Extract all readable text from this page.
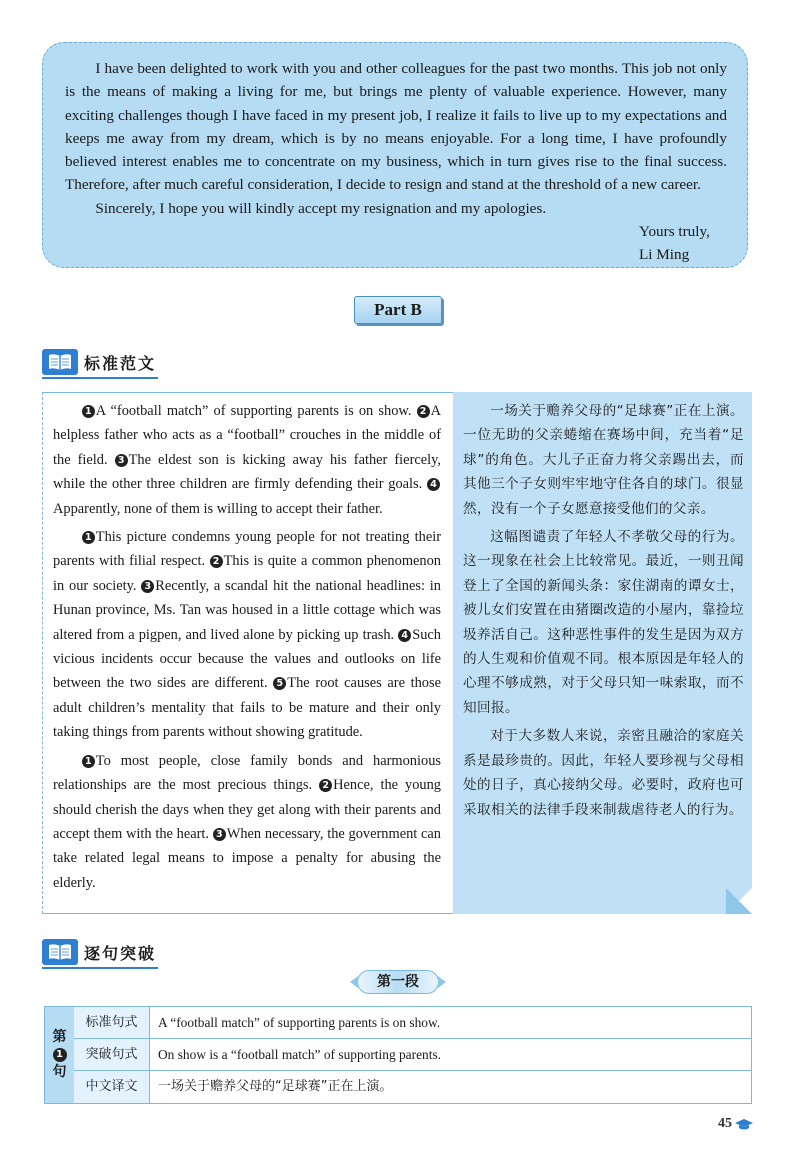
I have been delighted to work with you and other colleagues for the past two months. This job not only is the means of making a living for me, but brings me plenty of valuable experience. However, many exciting challenges though I have faced in my present job, I realize it fails to live up to my expectations and keeps me away from my dream, which is by no means enjoyable. For a long time, I have profoundly believed interest enables me to concentrate on my business, which in turn gives rise to the final success. Therefore, after much careful consideration, I decide to resign and stand at the threshold of a new career.

Sincerely, I hope you will kindly accept my resignation and my apologies.

Yours truly,
Li Ming
Part B
标准范文

1 A “football match” of supporting parents is on show. 2 A helpless father who acts as a “football” crouches in the middle of the field. 3 The eldest son is kicking away his father fiercely, while the other three children are firmly defending their goals. 4Apparently, none of them is willing to accept their father.

1 This picture condemns young people for not treating their parents with filial respect. 2 This is quite a common phenomenon in our society. 3 Recently, a scandal hit the national headlines: in Hunan province, Ms. Tan was housed in a little cottage which was altered from a pigpen, and lived alone by picking up trash. 4 Such vicious incidents occur because the values and outlooks on life between the two sides are different. 5 The root causes are those adult children’s mentality that fails to be mature and their only taking things from parents without showing gratitude.

1 To most people, close family bonds and harmonious relationships are the most precious things. 2 Hence, the young should cherish the days when they get along with their parents and accept them with the heart. 3 When necessary, the government can take related legal means to impose a penalty for abusing the elderly.

一场关于赡养父母的“足球赛”正在上演。一位无助的父亲蜷缩在赛场中间，充当着“足球”的角色。大儿子正奋力将父亲踢出去，而其他三个子女则牢牢地守住各自的球门。很显然，没有一个子女愿意接受他们的父亲。

这幅图谴责了年轻人不孝敬父母的行为。这一现象在社会上比较常见。最近，一则丑闻登上了全国的新闻头条：家住湖南的谭女士，被儿女们安置在由猪圈改造的小屋内，靠捡垃圾养活自己。这种恶性事件的发生是因为双方的人生观和价值观不同。根本原因是年轻人的心理不够成熟，对于父母只知一味索取，而不知回报。

对于大多数人来说，亲密且融洽的家庭关系是最珍贵的。因此，年轻人要珍视与父母相处的日子，真心接纳父母。必要时，政府也可采取相关的法律手段来制裁虐待老人的行为。

逐句突破
第一段
第
1
句
标准句式	A “football match” of supporting parents is on show.
突破句式	On show is a “football match” of supporting parents.
中文译文	一场关于赡养父母的“足球赛”正在上演。
45
